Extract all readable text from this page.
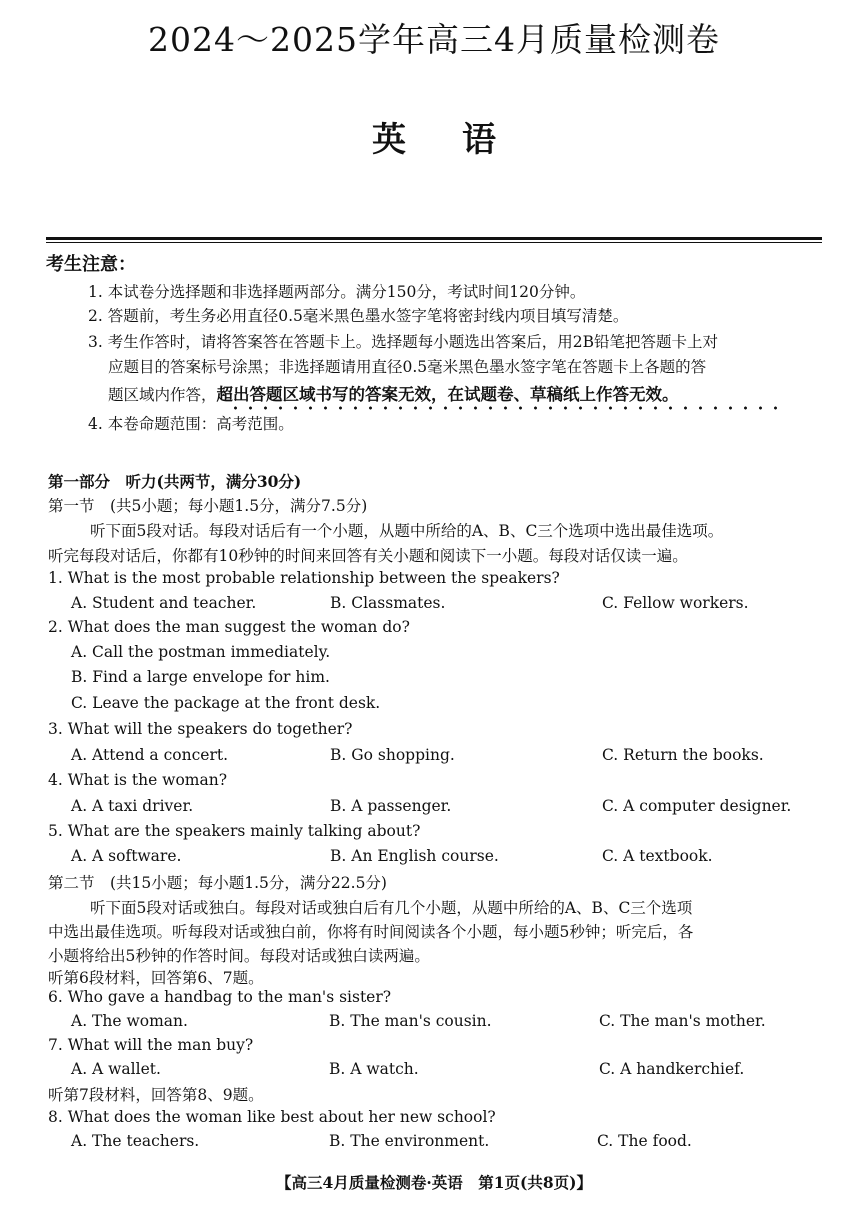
2024～2025学年高三4月质量检测卷
英语
考生注意：
1. 本试卷分选择题和非选择题两部分。满分150分，考试时间120分钟。
2. 答题前，考生务必用直径0.5毫米黑色墨水签字笔将密封线内项目填写清楚。
3. 考生作答时，请将答案答在答题卡上。选择题每小题选出答案后，用2B铅笔把答题卡上对
应题目的答案标号涂黑；非选择题请用直径0.5毫米黑色墨水签字笔在答题卡上各题的答
题区域内作答，超出答题区域书写的答案无效，在试题卷、草稿纸上作答无效。
4. 本卷命题范围：高考范围。
第一部分　听力(共两节，满分30分)
第一节　(共5小题；每小题1.5分，满分7.5分)
听下面5段对话。每段对话后有一个小题，从题中所给的A、B、C三个选项中选出最佳选项。
听完每段对话后，你都有10秒钟的时间来回答有关小题和阅读下一小题。每段对话仅读一遍。
1. What is the most probable relationship between the speakers?
A. Student and teacher.	B. Classmates.	C. Fellow workers.
2. What does the man suggest the woman do?
A. Call the postman immediately.
B. Find a large envelope for him.
C. Leave the package at the front desk.
3. What will the speakers do together?
A. Attend a concert.	B. Go shopping.	C. Return the books.
4. What is the woman?
A. A taxi driver.	B. A passenger.	C. A computer designer.
5. What are the speakers mainly talking about?
A. A software.	B. An English course.	C. A textbook.
第二节　(共15小题；每小题1.5分，满分22.5分)
听下面5段对话或独白。每段对话或独白后有几个小题，从题中所给的A、B、C三个选项
中选出最佳选项。听每段对话或独白前，你将有时间阅读各个小题，每小题5秒钟；听完后，各
小题将给出5秒钟的作答时间。每段对话或独白读两遍。
听第6段材料，回答第6、7题。
6. Who gave a handbag to the man's sister?
A. The woman.	B. The man's cousin.	C. The man's mother.
7. What will the man buy?
A. A wallet.	B. A watch.	C. A handkerchief.
听第7段材料，回答第8、9题。
8. What does the woman like best about her new school?
A. The teachers.	B. The environment.	C. The food.
【高三4月质量检测卷·英语　第1页(共8页)】
